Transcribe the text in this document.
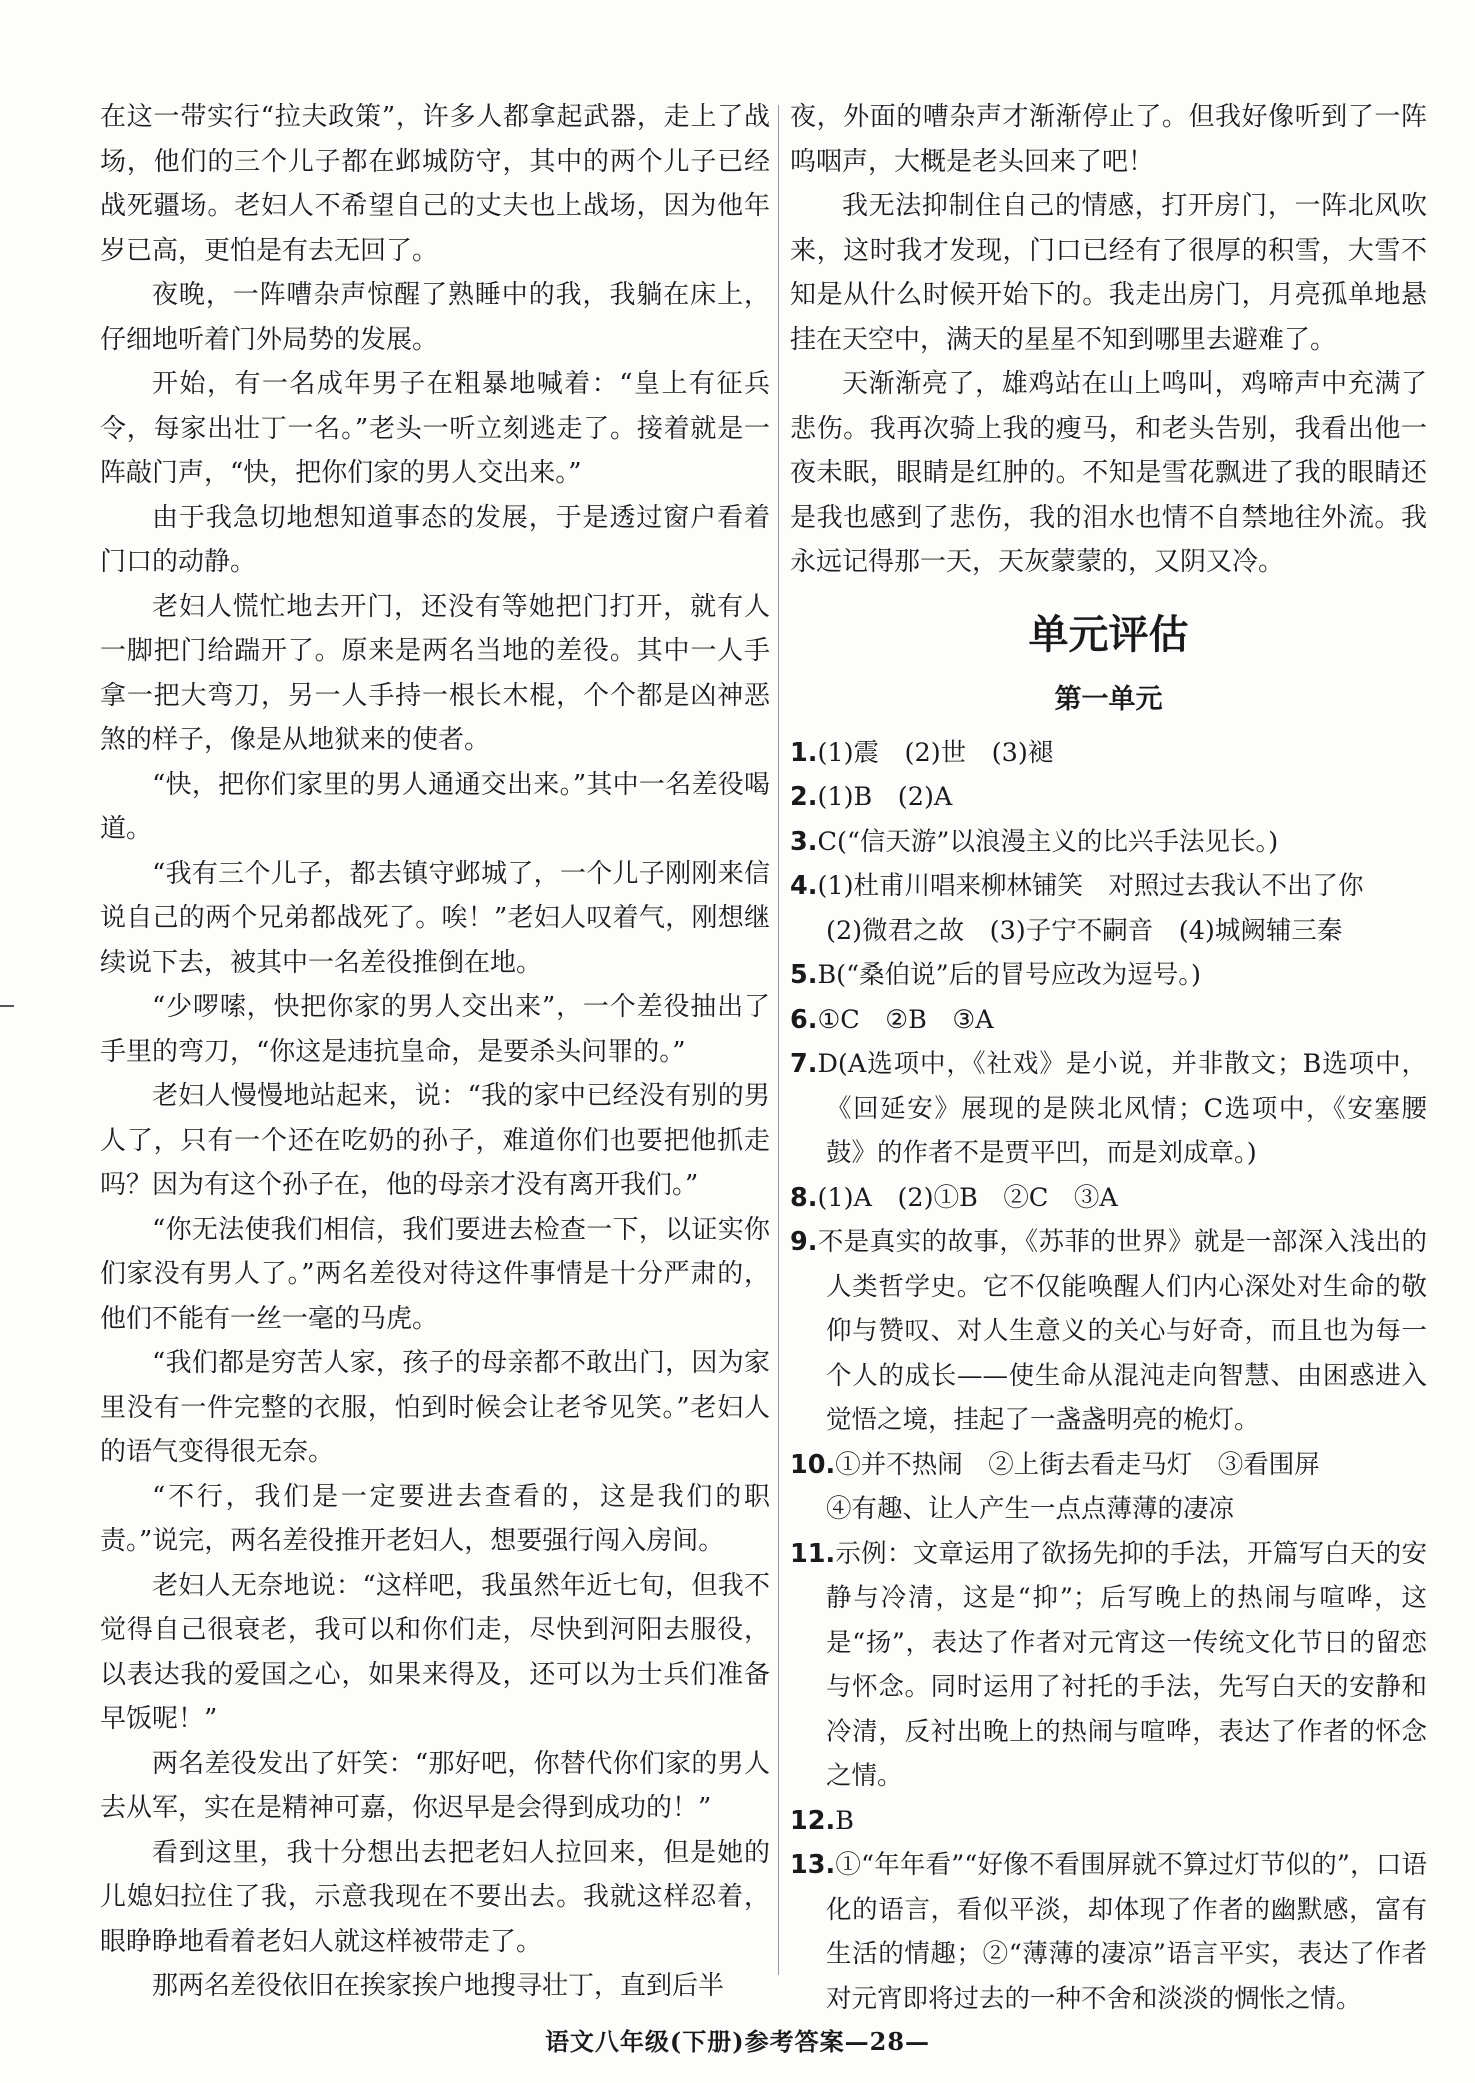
在这一带实行“拉夫政策”，许多人都拿起武器，走上了战场，他们的三个儿子都在邺城防守，其中的两个儿子已经战死疆场。老妇人不希望自己的丈夫也上战场，因为他年岁已高，更怕是有去无回了。

夜晚，一阵嘈杂声惊醒了熟睡中的我，我躺在床上，仔细地听着门外局势的发展。

开始，有一名成年男子在粗暴地喊着：“皇上有征兵令，每家出壮丁一名。”老头一听立刻逃走了。接着就是一阵敲门声，“快，把你们家的男人交出来。”

由于我急切地想知道事态的发展，于是透过窗户看着门口的动静。

老妇人慌忙地去开门，还没有等她把门打开，就有人一脚把门给踹开了。原来是两名当地的差役。其中一人手拿一把大弯刀，另一人手持一根长木棍，个个都是凶神恶煞的样子，像是从地狱来的使者。

“快，把你们家里的男人通通交出来。”其中一名差役喝道。

“我有三个儿子，都去镇守邺城了，一个儿子刚刚来信说自己的两个兄弟都战死了。唉！”老妇人叹着气，刚想继续说下去，被其中一名差役推倒在地。

“少啰嗦，快把你家的男人交出来”，一个差役抽出了手里的弯刀，“你这是违抗皇命，是要杀头问罪的。”

老妇人慢慢地站起来，说：“我的家中已经没有别的男人了，只有一个还在吃奶的孙子，难道你们也要把他抓走吗？因为有这个孙子在，他的母亲才没有离开我们。”

“你无法使我们相信，我们要进去检查一下，以证实你们家没有男人了。”两名差役对待这件事情是十分严肃的，他们不能有一丝一毫的马虎。

“我们都是穷苦人家，孩子的母亲都不敢出门，因为家里没有一件完整的衣服，怕到时候会让老爷见笑。”老妇人的语气变得很无奈。

“不行，我们是一定要进去查看的，这是我们的职责。”说完，两名差役推开老妇人，想要强行闯入房间。

老妇人无奈地说：“这样吧，我虽然年近七旬，但我不觉得自己很衰老，我可以和你们走，尽快到河阳去服役，以表达我的爱国之心，如果来得及，还可以为士兵们准备早饭呢！”

两名差役发出了奸笑：“那好吧，你替代你们家的男人去从军，实在是精神可嘉，你迟早是会得到成功的！”

看到这里，我十分想出去把老妇人拉回来，但是她的儿媳妇拉住了我，示意我现在不要出去。我就这样忍着，眼睁睁地看着老妇人就这样被带走了。

那两名差役依旧在挨家挨户地搜寻壮丁，直到后半

夜，外面的嘈杂声才渐渐停止了。但我好像听到了一阵呜咽声，大概是老头回来了吧！

我无法抑制住自己的情感，打开房门，一阵北风吹来，这时我才发现，门口已经有了很厚的积雪，大雪不知是从什么时候开始下的。我走出房门，月亮孤单地悬挂在天空中，满天的星星不知到哪里去避难了。

天渐渐亮了，雄鸡站在山上鸣叫，鸡啼声中充满了悲伤。我再次骑上我的瘦马，和老头告别，我看出他一夜未眠，眼睛是红肿的。不知是雪花飘进了我的眼睛还是我也感到了悲伤，我的泪水也情不自禁地往外流。我永远记得那一天，天灰蒙蒙的，又阴又冷。

单元评估
第一单元

1.(1)震　(2)世　(3)褪

2.(1)B　(2)A

3.C(“信天游”以浪漫主义的比兴手法见长。)

4.(1)杜甫川唱来柳林铺笑　对照过去我认不出了你

(2)微君之故　(3)子宁不嗣音　(4)城阙辅三秦

5.B(“桑伯说”后的冒号应改为逗号。)

6.①C　②B　③A

7.D(A选项中，《社戏》是小说，并非散文；B选项中，《回延安》展现的是陕北风情；C选项中，《安塞腰鼓》的作者不是贾平凹，而是刘成章。)

8.(1)A　(2)①B　②C　③A

9.不是真实的故事，《苏菲的世界》就是一部深入浅出的人类哲学史。它不仅能唤醒人们内心深处对生命的敬仰与赞叹、对人生意义的关心与好奇，而且也为每一个人的成长——使生命从混沌走向智慧、由困惑进入觉悟之境，挂起了一盏盏明亮的桅灯。

10.①并不热闹　②上街去看走马灯　③看围屏

④有趣、让人产生一点点薄薄的凄凉

11.示例：文章运用了欲扬先抑的手法，开篇写白天的安静与冷清，这是“抑”；后写晚上的热闹与喧哗，这是“扬”，表达了作者对元宵这一传统文化节日的留恋与怀念。同时运用了衬托的手法，先写白天的安静和冷清，反衬出晚上的热闹与喧哗，表达了作者的怀念之情。

12.B

13.①“年年看”“好像不看围屏就不算过灯节似的”，口语化的语言，看似平淡，却体现了作者的幽默感，富有生活的情趣；②“薄薄的凄凉”语言平实，表达了作者对元宵即将过去的一种不舍和淡淡的惆怅之情。

语文八年级(下册)参考答案—28—
